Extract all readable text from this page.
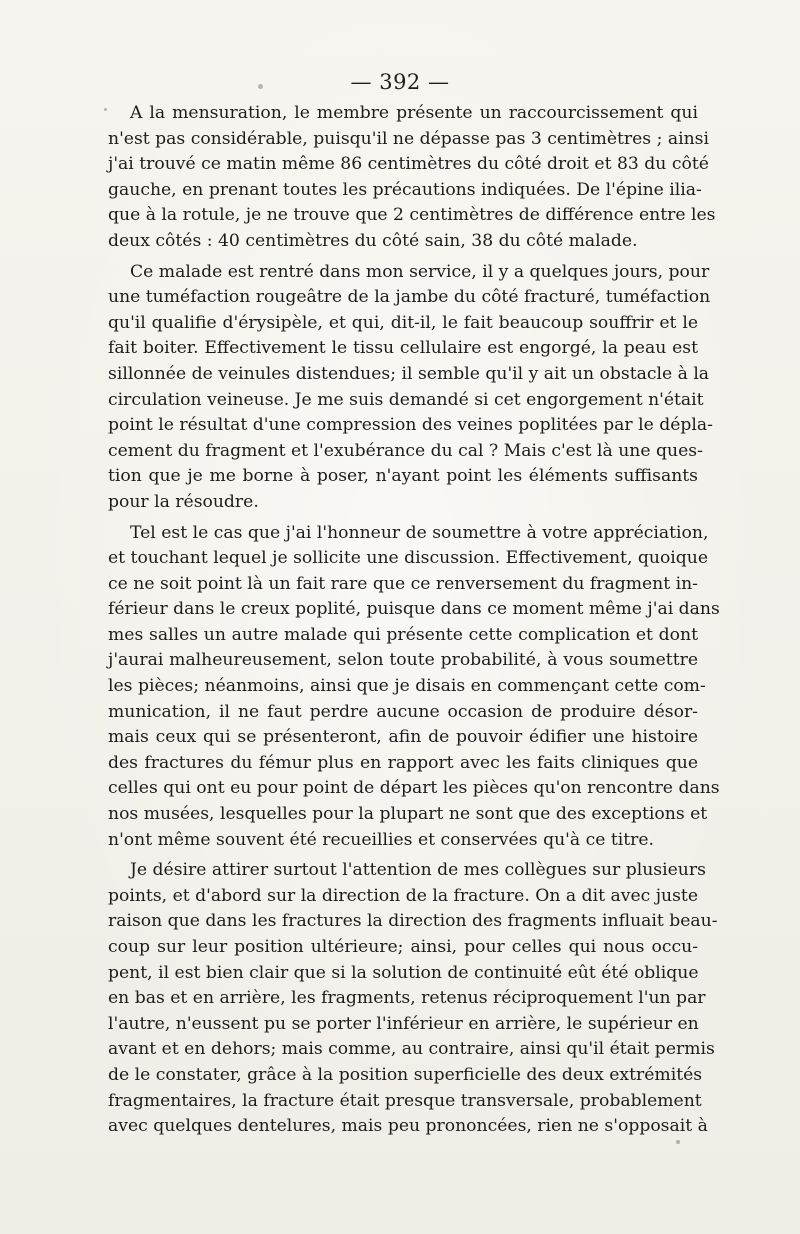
— 392 —
A la mensuration, le membre présente un raccourcissement qui
n'est pas considérable, puisqu'il ne dépasse pas 3 centimètres ; ainsi
j'ai trouvé ce matin même 86 centimètres du côté droit et 83 du côté
gauche, en prenant toutes les précautions indiquées. De l'épine ilia-
que à la rotule, je ne trouve que 2 centimètres de différence entre les
deux côtés : 40 centimètres du côté sain, 38 du côté malade.
Ce malade est rentré dans mon service, il y a quelques jours, pour
une tuméfaction rougeâtre de la jambe du côté fracturé, tuméfaction
qu'il qualifie d'érysipèle, et qui, dit-il, le fait beaucoup souffrir et le
fait boiter. Effectivement le tissu cellulaire est engorgé, la peau est
sillonnée de veinules distendues; il semble qu'il y ait un obstacle à la
circulation veineuse. Je me suis demandé si cet engorgement n'était
point le résultat d'une compression des veines poplitées par le dépla-
cement du fragment et l'exubérance du cal ? Mais c'est là une ques-
tion que je me borne à poser, n'ayant point les éléments suffisants
pour la résoudre.
Tel est le cas que j'ai l'honneur de soumettre à votre appréciation,
et touchant lequel je sollicite une discussion. Effectivement, quoique
ce ne soit point là un fait rare que ce renversement du fragment in-
férieur dans le creux poplité, puisque dans ce moment même j'ai dans
mes salles un autre malade qui présente cette complication et dont
j'aurai malheureusement, selon toute probabilité, à vous soumettre
les pièces; néanmoins, ainsi que je disais en commençant cette com-
munication, il ne faut perdre aucune occasion de produire désor-
mais ceux qui se présenteront, afin de pouvoir édifier une histoire
des fractures du fémur plus en rapport avec les faits cliniques que
celles qui ont eu pour point de départ les pièces qu'on rencontre dans
nos musées, lesquelles pour la plupart ne sont que des exceptions et
n'ont même souvent été recueillies et conservées qu'à ce titre.
Je désire attirer surtout l'attention de mes collègues sur plusieurs
points, et d'abord sur la direction de la fracture. On a dit avec juste
raison que dans les fractures la direction des fragments influait beau-
coup sur leur position ultérieure; ainsi, pour celles qui nous occu-
pent, il est bien clair que si la solution de continuité eût été oblique
en bas et en arrière, les fragments, retenus réciproquement l'un par
l'autre, n'eussent pu se porter l'inférieur en arrière, le supérieur en
avant et en dehors; mais comme, au contraire, ainsi qu'il était permis
de le constater, grâce à la position superficielle des deux extrémités
fragmentaires, la fracture était presque transversale, probablement
avec quelques dentelures, mais peu prononcées, rien ne s'opposait à
